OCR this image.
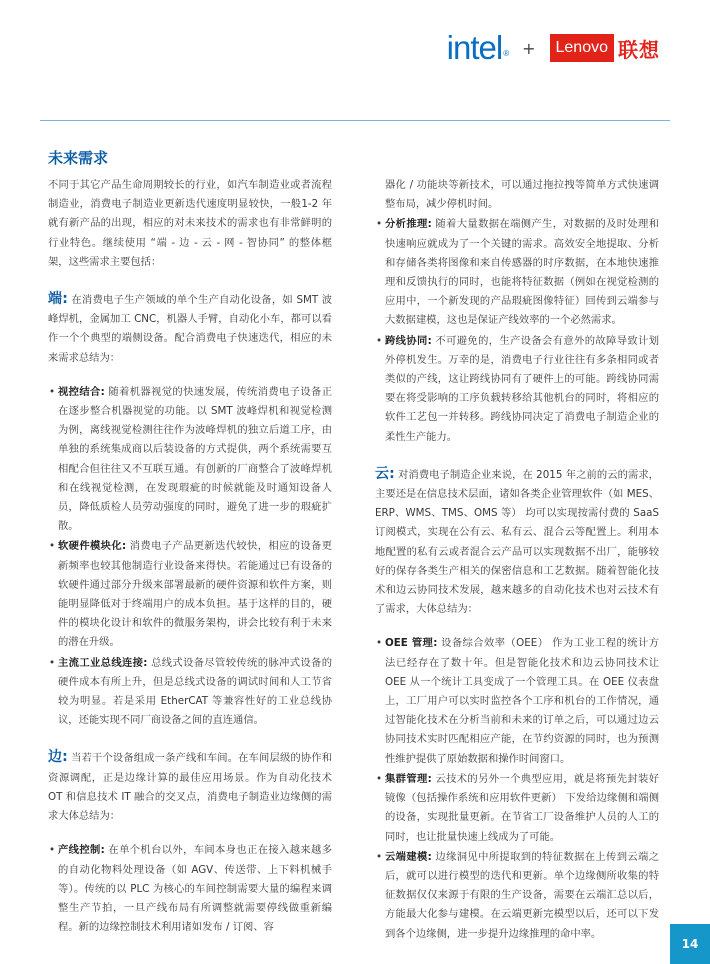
intel® +	Lenovo 联想
未来需求

不同于其它产品生命周期较长的行业，如汽车制造业或者流程制造业，消费电子制造业更新迭代速度明显较快，一般1-2 年就有新产品的出现，相应的对未来技术的需求也有非常鲜明的行业特色。继续使用 “端 - 边 - 云 - 网 - 智协同” 的整体框架，这些需求主要包括：

端: 在消费电子生产领域的单个生产自动化设备，如 SMT 波峰焊机，金属加工 CNC，机器人手臂，自动化小车，都可以看作一个个典型的端侧设备。配合消费电子快速迭代，相应的未来需求总结为：

• 视控结合: 随着机器视觉的快速发展，传统消费电子设备正在逐步整合机器视觉的功能。以 SMT 波峰焊机和视觉检测为例，离线视觉检测往往作为波峰焊机的独立后道工序，由单独的系统集成商以后装设备的方式提供，两个系统需要互相配合但往往又不互联互通。有创新的厂商整合了波峰焊机和在线视觉检测，在发现瑕疵的时候就能及时通知设备人员，降低质检人员劳动强度的同时，避免了进一步的瑕疵扩散。
• 软硬件模块化: 消费电子产品更新迭代较快，相应的设备更新频率也较其他制造行业设备来得快。若能通过已有设备的软硬件通过部分升级来部署最新的硬件资源和软件方案，则能明显降低对于终端用户的成本负担。基于这样的目的，硬件的模块化设计和软件的微服务架构，讲会比较有利于未来的潜在升级。
• 主流工业总线连接: 总线式设备尽管较传统的脉冲式设备的硬件成本有所上升，但是总线式设备的调试时间和人工节省较为明显。若是采用 EtherCAT 等兼容性好的工业总线协议，还能实现不同厂商设备之间的直连通信。

边: 当若干个设备组成一条产线和车间。在车间层级的协作和资源调配，正是边缘计算的最佳应用场景。作为自动化技术 OT 和信息技术 IT 融合的交叉点，消费电子制造业边缘侧的需求大体总结为：

• 产线控制: 在单个机台以外，车间本身也正在接入越来越多的自动化物料处理设备（如 AGV、传送带、上下料机械手等）。传统的以 PLC 为核心的车间控制需要大量的编程来调整生产节拍，一旦产线布局有所调整就需要停线做重新编程。新的边缘控制技术利用诸如发布 / 订阅、容
器化 / 功能块等新技术，可以通过拖拉拽等简单方式快速调整布局，减少停机时间。
• 分析推理: 随着大量数据在端侧产生，对数据的及时处理和快速响应就成为了一个关键的需求。高效安全地提取、分析和存储各类将图像和来自传感器的时序数据，在本地快速推理和反馈执行的同时，也能将特征数据（例如在视觉检测的应用中，一个新发现的产品瑕疵图像特征）回传到云端参与大数据建模，这也是保证产线效率的一个必然需求。
• 跨线协同: 不可避免的，生产设备会有意外的故障导致计划外停机发生。万幸的是，消费电子行业往往有多条相同或者类似的产线，这让跨线协同有了硬件上的可能。跨线协同需要在将受影响的工序负载转移给其他机台的同时，将相应的软件工艺包一并转移。跨线协同决定了消费电子制造企业的柔性生产能力。

云: 对消费电子制造企业来说，在 2015 年之前的云的需求，主要还是在信息技术层面，诸如各类企业管理软件（如 MES、ERP、WMS、TMS、OMS 等） 均可以实现按需付费的 SaaS 订阅模式，实现在公有云、私有云、混合云等配置上。利用本地配置的私有云或者混合云产品可以实现数据不出厂，能够较好的保存各类生产相关的保密信息和工艺数据。随着智能化技术和边云协同技术发展，越来越多的自动化技术也对云技术有了需求，大体总结为：

• OEE 管理: 设备综合效率（OEE） 作为工业工程的统计方法已经存在了数十年。但是智能化技术和边云协同技术让 OEE 从一个统计工具变成了一个管理工具。在 OEE 仪表盘上，工厂用户可以实时监控各个工序和机台的工作情况，通过智能化技术在分析当前和未来的订单之后，可以通过边云协同技术实时匹配相应产能，在节约资源的同时，也为预测性维护提供了原始数据和操作时间窗口。
• 集群管理: 云技术的另外一个典型应用，就是将预先封装好镜像（包括操作系统和应用软件更新） 下发给边缘侧和端侧的设备，实现批量更新。在节省工厂设备维护人员的人工的同时，也让批量快速上线成为了可能。
• 云端建模: 边缘洞见中所提取到的特征数据在上传到云端之后，就可以进行模型的迭代和更新。单个边缘侧所收集的特征数据仅仅来源于有限的生产设备，需要在云端汇总以后，方能最大化参与建模。在云端更新完模型以后，还可以下发到各个边缘侧，进一步提升边缘推理的命中率。
14
